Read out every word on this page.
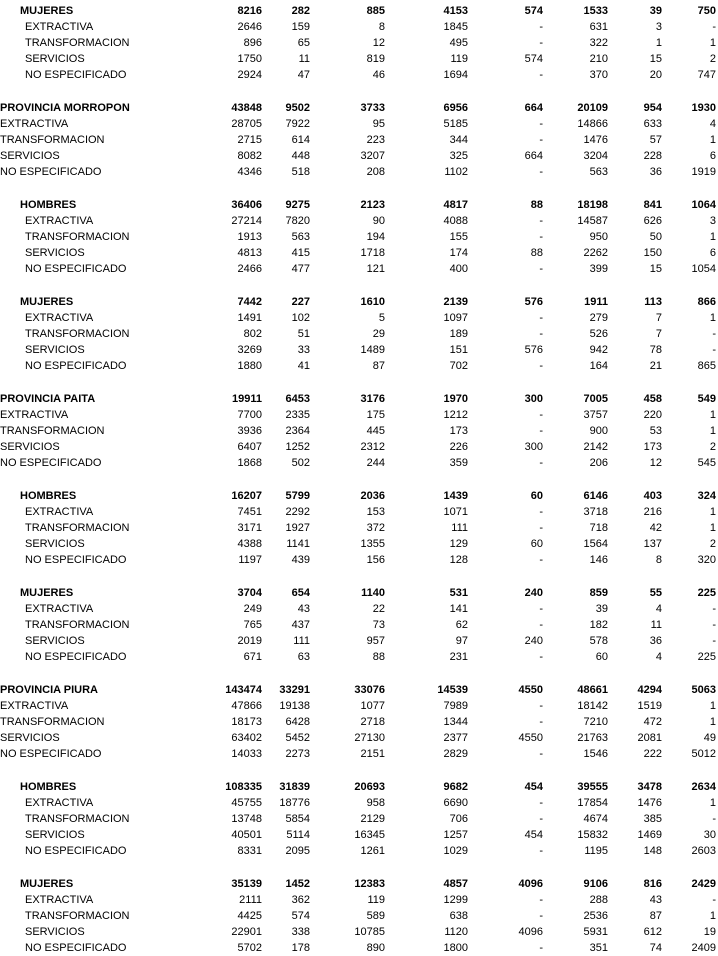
MUJERES	8216	282	885	4153	574	1533	39	750
EXTRACTIVA	2646	159	8	1845	-	631	3	-
TRANSFORMACION	896	65	12	495	-	322	1	1
SERVICIOS	1750	11	819	119	574	210	15	2
NO ESPECIFICADO	2924	47	46	1694	-	370	20	747
PROVINCIA MORROPON	43848	9502	3733	6956	664	20109	954	1930
EXTRACTIVA	28705	7922	95	5185	-	14866	633	4
TRANSFORMACION	2715	614	223	344	-	1476	57	1
SERVICIOS	8082	448	3207	325	664	3204	228	6
NO ESPECIFICADO	4346	518	208	1102	-	563	36	1919
HOMBRES	36406	9275	2123	4817	88	18198	841	1064
EXTRACTIVA	27214	7820	90	4088	-	14587	626	3
TRANSFORMACION	1913	563	194	155	-	950	50	1
SERVICIOS	4813	415	1718	174	88	2262	150	6
NO ESPECIFICADO	2466	477	121	400	-	399	15	1054
MUJERES	7442	227	1610	2139	576	1911	113	866
EXTRACTIVA	1491	102	5	1097	-	279	7	1
TRANSFORMACION	802	51	29	189	-	526	7	-
SERVICIOS	3269	33	1489	151	576	942	78	-
NO ESPECIFICADO	1880	41	87	702	-	164	21	865
PROVINCIA PAITA	19911	6453	3176	1970	300	7005	458	549
EXTRACTIVA	7700	2335	175	1212	-	3757	220	1
TRANSFORMACION	3936	2364	445	173	-	900	53	1
SERVICIOS	6407	1252	2312	226	300	2142	173	2
NO ESPECIFICADO	1868	502	244	359	-	206	12	545
HOMBRES	16207	5799	2036	1439	60	6146	403	324
EXTRACTIVA	7451	2292	153	1071	-	3718	216	1
TRANSFORMACION	3171	1927	372	111	-	718	42	1
SERVICIOS	4388	1141	1355	129	60	1564	137	2
NO ESPECIFICADO	1197	439	156	128	-	146	8	320
MUJERES	3704	654	1140	531	240	859	55	225
EXTRACTIVA	249	43	22	141	-	39	4	-
TRANSFORMACION	765	437	73	62	-	182	11	-
SERVICIOS	2019	111	957	97	240	578	36	-
NO ESPECIFICADO	671	63	88	231	-	60	4	225
PROVINCIA PIURA	143474	33291	33076	14539	4550	48661	4294	5063
EXTRACTIVA	47866	19138	1077	7989	-	18142	1519	1
TRANSFORMACION	18173	6428	2718	1344	-	7210	472	1
SERVICIOS	63402	5452	27130	2377	4550	21763	2081	49
NO ESPECIFICADO	14033	2273	2151	2829	-	1546	222	5012
HOMBRES	108335	31839	20693	9682	454	39555	3478	2634
EXTRACTIVA	45755	18776	958	6690	-	17854	1476	1
TRANSFORMACION	13748	5854	2129	706	-	4674	385	-
SERVICIOS	40501	5114	16345	1257	454	15832	1469	30
NO ESPECIFICADO	8331	2095	1261	1029	-	1195	148	2603
MUJERES	35139	1452	12383	4857	4096	9106	816	2429
EXTRACTIVA	2111	362	119	1299	-	288	43	-
TRANSFORMACION	4425	574	589	638	-	2536	87	1
SERVICIOS	22901	338	10785	1120	4096	5931	612	19
NO ESPECIFICADO	5702	178	890	1800	-	351	74	2409
